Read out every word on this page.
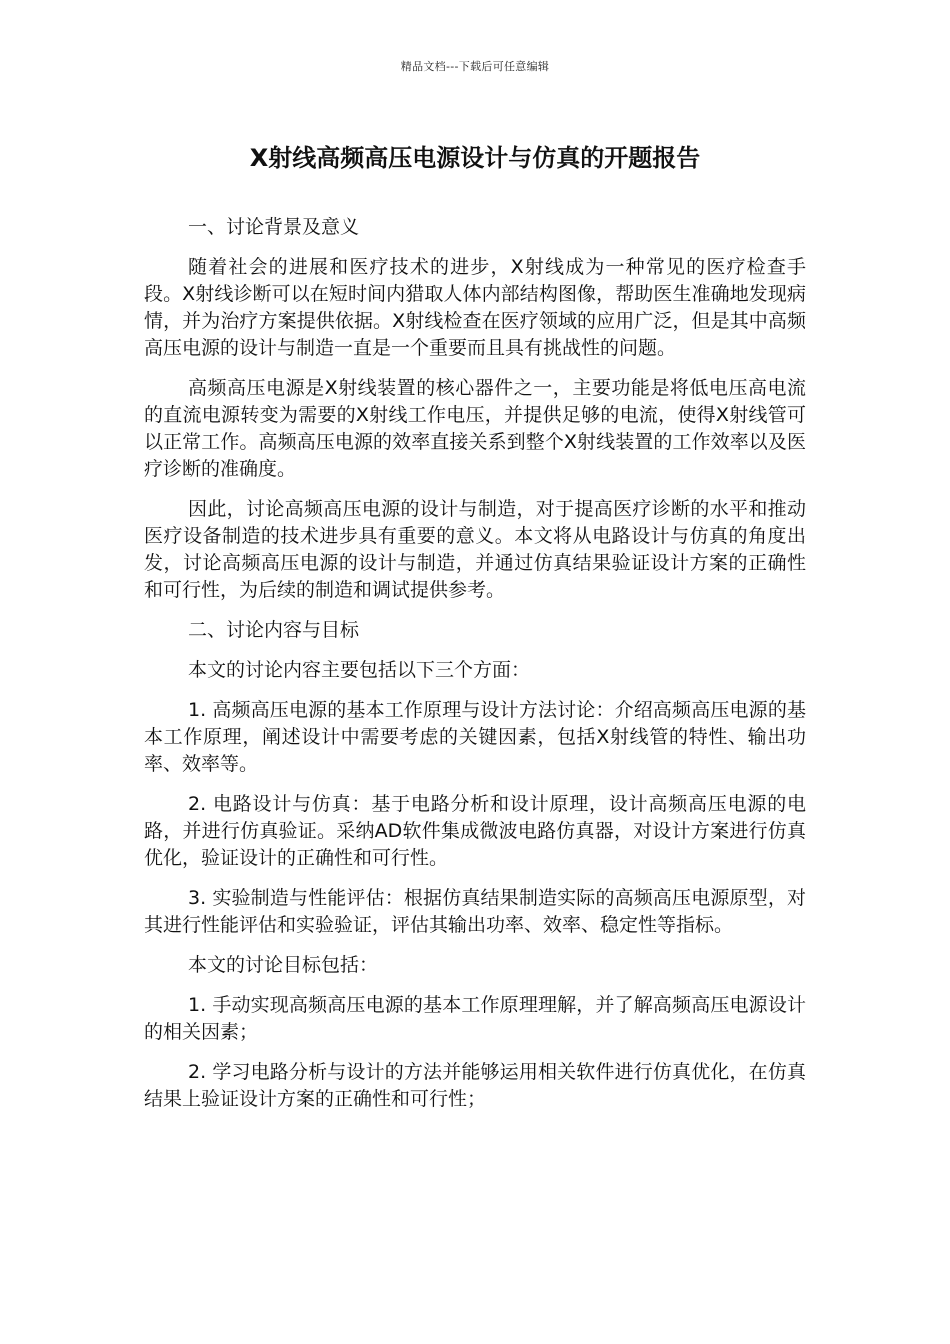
精品文档---下载后可任意编辑
X射线高频高压电源设计与仿真的开题报告

一、讨论背景及意义

随着社会的进展和医疗技术的进步，X射线成为一种常见的医疗检查手段。X射线诊断可以在短时间内猎取人体内部结构图像，帮助医生准确地发现病情，并为治疗方案提供依据。X射线检查在医疗领域的应用广泛，但是其中高频高压电源的设计与制造一直是一个重要而且具有挑战性的问题。

高频高压电源是X射线装置的核心器件之一，主要功能是将低电压高电流的直流电源转变为需要的X射线工作电压，并提供足够的电流，使得X射线管可以正常工作。高频高压电源的效率直接关系到整个X射线装置的工作效率以及医疗诊断的准确度。

因此，讨论高频高压电源的设计与制造，对于提高医疗诊断的水平和推动医疗设备制造的技术进步具有重要的意义。本文将从电路设计与仿真的角度出发，讨论高频高压电源的设计与制造，并通过仿真结果验证设计方案的正确性和可行性，为后续的制造和调试提供参考。

二、讨论内容与目标

本文的讨论内容主要包括以下三个方面：

1. 高频高压电源的基本工作原理与设计方法讨论：介绍高频高压电源的基本工作原理，阐述设计中需要考虑的关键因素，包括X射线管的特性、输出功率、效率等。

2. 电路设计与仿真：基于电路分析和设计原理，设计高频高压电源的电路，并进行仿真验证。采纳AD软件集成微波电路仿真器，对设计方案进行仿真优化，验证设计的正确性和可行性。

3. 实验制造与性能评估：根据仿真结果制造实际的高频高压电源原型，对其进行性能评估和实验验证，评估其输出功率、效率、稳定性等指标。

本文的讨论目标包括：

1. 手动实现高频高压电源的基本工作原理理解，并了解高频高压电源设计的相关因素；

2. 学习电路分析与设计的方法并能够运用相关软件进行仿真优化，在仿真结果上验证设计方案的正确性和可行性；
